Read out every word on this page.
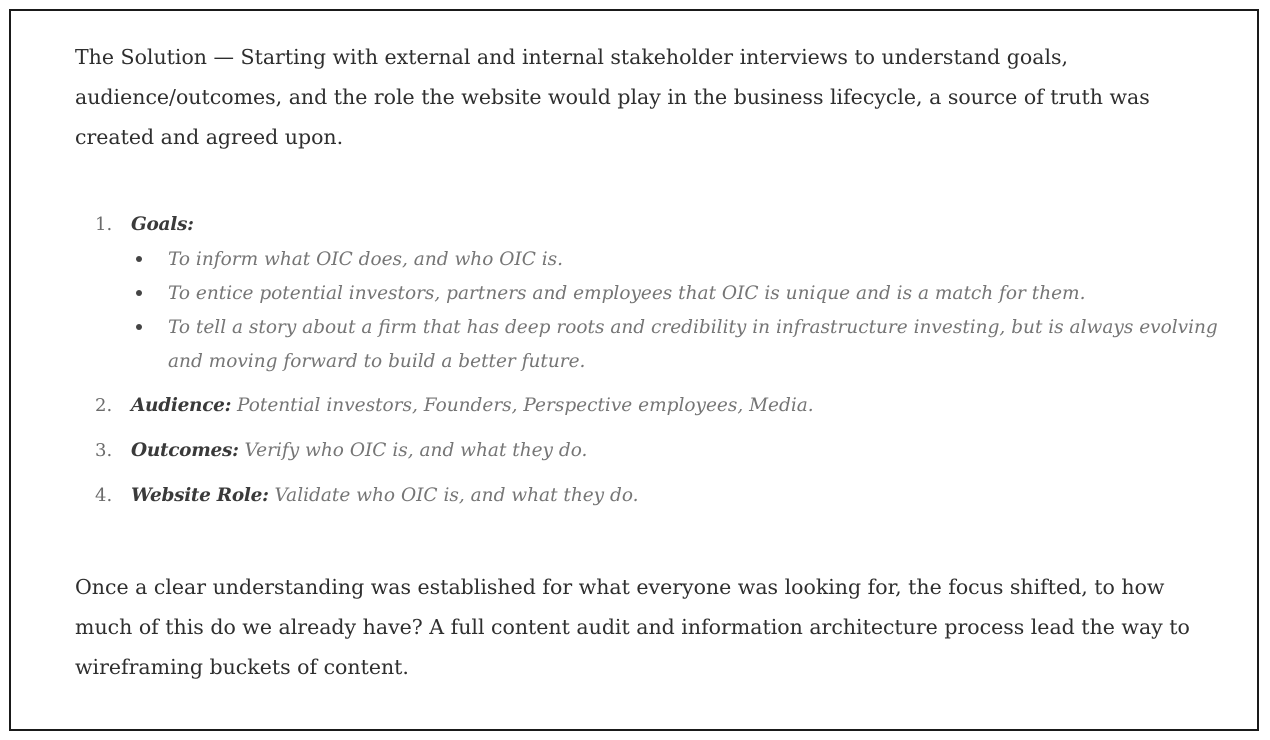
The Solution — Starting with external and internal stakeholder interviews to understand goals, audience/outcomes, and the role the website would play in the business lifecycle, a source of truth was created and agreed upon.

1. Goals:
To inform what OIC does, and who OIC is.
To entice potential investors, partners and employees that OIC is unique and is a match for them.
To tell a story about a firm that has deep roots and credibility in infrastructure investing, but is always evolving and moving forward to build a better future.
2. Audience: Potential investors, Founders, Perspective employees, Media.
3. Outcomes: Verify who OIC is, and what they do.
4. Website Role: Validate who OIC is, and what they do.

Once a clear understanding was established for what everyone was looking for, the focus shifted, to how much of this do we already have? A full content audit and information architecture process lead the way to wireframing buckets of content.
